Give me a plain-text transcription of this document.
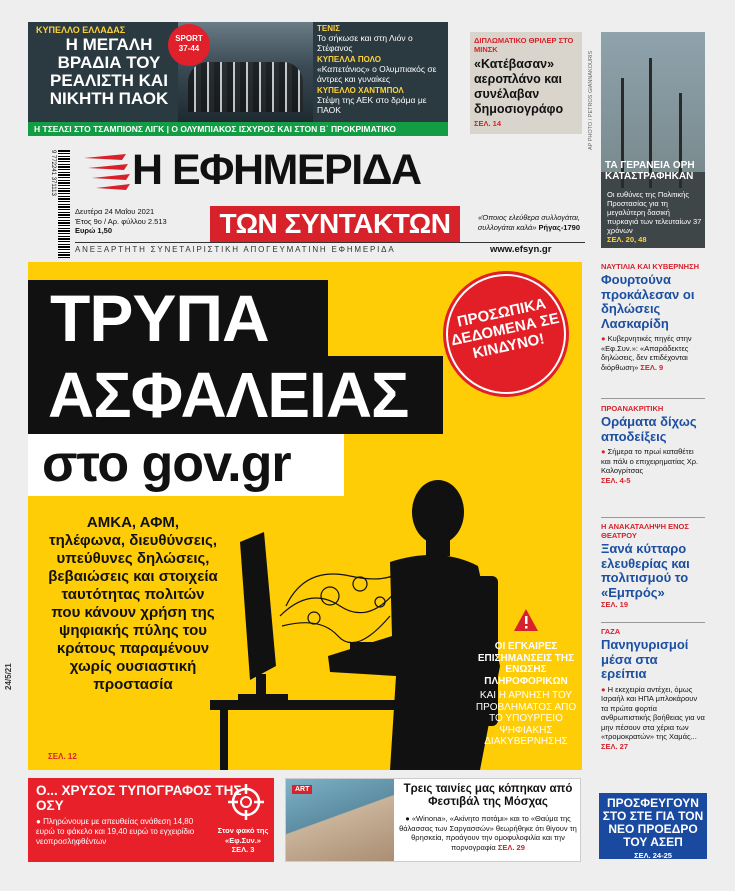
ΚΥΠΕΛΛΟ ΕΛΛΑΔΑΣ
Η ΜΕΓΑΛΗ ΒΡΑΔΙΑ ΤΟΥ ΡΕΑΛΙΣΤΗ ΚΑΙ ΝΙΚΗΤΗ ΠΑΟΚ
SPORT
37-44
ΤΕΝΙΣ
Το σήκωσε και στη Λιόν ο Στέφανος
ΚΥΠΕΛΛΑ ΠΟΛΟ
«Καπετάνιος» ο Ολυμπιακός σε άντρες και γυναίκες
ΚΥΠΕΛΛΟ ΧΑΝΤΜΠΟΛ
Στέψη της ΑΕΚ στο δράμα με ΠΑΟΚ
Η ΤΣΕΛΣΙ ΣΤΟ ΤΣΑΜΠΙΟΝΣ ΛΙΓΚ | Ο ΟΛΥΜΠΙΑΚΟΣ ΙΣΧΥΡΟΣ ΚΑΙ ΣΤΟΝ Β΄ ΠΡΟΚΡΙΜΑΤΙΚΟ
ΔΙΠΛΩΜΑΤΙΚΟ ΘΡΙΛΕΡ ΣΤΟ ΜΙΝΣΚ
«Κατέβασαν» αεροπλάνο και συνέλαβαν δημοσιογράφο
ΣΕΛ. 14
ΤΑ ΓΕΡΑΝΕΙΑ ΟΡΗ ΚΑΤΑΣΤΡΑΦΗΚΑΝ
Οι ευθύνες της Πολιτικής Προστασίας για τη μεγαλύτερη δασική πυρκαγιά των τελευταίων 37 χρόνων
ΣΕΛ. 20, 48
AP PHOTO / PETROS GIANNAKOURIS
9 772241 371113 Η ΕΦΗΜΕΡΙΔΑ
ΤΩΝ ΣΥΝΤΑΚΤΩΝ
Δευτέρα 24 Μαΐου 2021
Έτος 9ο / Αρ. φύλλου 2.513
Ευρώ 1,50
«Όποιος ελεύθερα συλλογάται, συλλογάται καλά» Ρήγας-1790
ΑΝΕΞΑΡΤΗΤΗ ΣΥΝΕΤΑΙΡΙΣΤΙΚΗ ΑΠΟΓΕΥΜΑΤΙΝΗ ΕΦΗΜΕΡΙΔΑ	www.efsyn.gr
ΤΡΥΠΑ
ΑΣΦΑΛΕΙΑΣ
στο gov.gr
ΠΡΟΣΩΠΙΚΑ ΔΕΔΟΜΕΝΑ ΣΕ ΚΙΝΔΥΝΟ!
ΑΜΚΑ, ΑΦΜ, τηλέφωνα, διευθύνσεις, υπεύθυνες δηλώσεις, βεβαιώσεις και στοιχεία ταυτότητας πολιτών που κάνουν χρήση της ψηφιακής πύλης του κράτους παραμένουν χωρίς ουσιαστική προστασία
ΣΕΛ. 12
ΟΙ ΕΓΚΑΙΡΕΣ ΕΠΙΣΗΜΑΝΣΕΙΣ ΤΗΣ ΕΝΩΣΗΣ ΠΛΗΡΟΦΟΡΙΚΩΝ
ΚΑΙ Η ΑΡΝΗΣΗ ΤΟΥ ΠΡΟΒΛΗΜΑΤΟΣ ΑΠΟ ΤΟ ΥΠΟΥΡΓΕΙΟ ΨΗΦΙΑΚΗΣ ΔΙΑΚΥΒΕΡΝΗΣΗΣ
ΝΑΥΤΙΛΙΑ ΚΑΙ ΚΥΒΕΡΝΗΣΗ
Φουρτούνα προκάλεσαν οι δηλώσεις Λασκαρίδη
● Κυβερνητικές πηγές στην «Εφ.Συν.»: «Απαράδεκτες δηλώσεις, δεν επιδέχονται διόρθωση» ΣΕΛ. 9
ΠΡΟΑΝΑΚΡΙΤΙΚΗ
Οράματα δίχως αποδείξεις
● Σήμερα το πρωί καταθέτει και πάλι ο επιχειρηματίας Χρ. Καλογρίτσας
ΣΕΛ. 4-5
Η ΑΝΑΚΑΤΑΛΗΨΗ ΕΝΟΣ ΘΕΑΤΡΟΥ
Ξανά κύτταρο ελευθερίας και πολιτισμού το «Εμπρός»
ΣΕΛ. 19
ΓΑΖΑ
Πανηγυρισμοί μέσα στα ερείπια
● Η εκεχειρία αντέχει, όμως Ισραήλ και ΗΠΑ μπλοκάρουν τα πρώτα φορτία ανθρωπιστικής βοήθειας για να μην πέσουν στα χέρια των «τρομοκρατών» της Χαμάς...
ΣΕΛ. 27
ΠΡΟΣΦΕΥΓΟΥΝ ΣΤΟ ΣΤΕ ΓΙΑ ΤΟΝ ΝΕΟ ΠΡΟΕΔΡΟ ΤΟΥ ΑΣΕΠ
ΣΕΛ. 24-25
Ο... ΧΡΥΣΟΣ ΤΥΠΟΓΡΑΦΟΣ ΤΗΣ ΟΣΥ
● Πληρώνουμε με απευθείας ανάθεση 14,80 ευρώ το φάκελο και 19,40 ευρώ το εγχειρίδιο νεοπροσληφθέντων
Στον φακό της «Εφ.Συν.»
ΣΕΛ. 3
ART	Τρεις ταινίες μας κόπηκαν από Φεστιβάλ της Μόσχας
● «Winona», «Ακίνητο ποτάμι» και το «Θαύμα της θάλασσας των Σαργασσών» θεωρήθηκε ότι θίγουν τη θρησκεία, προάγουν την ομοφυλοφιλία και την πορνογραφία ΣΕΛ. 29
24/5/21
